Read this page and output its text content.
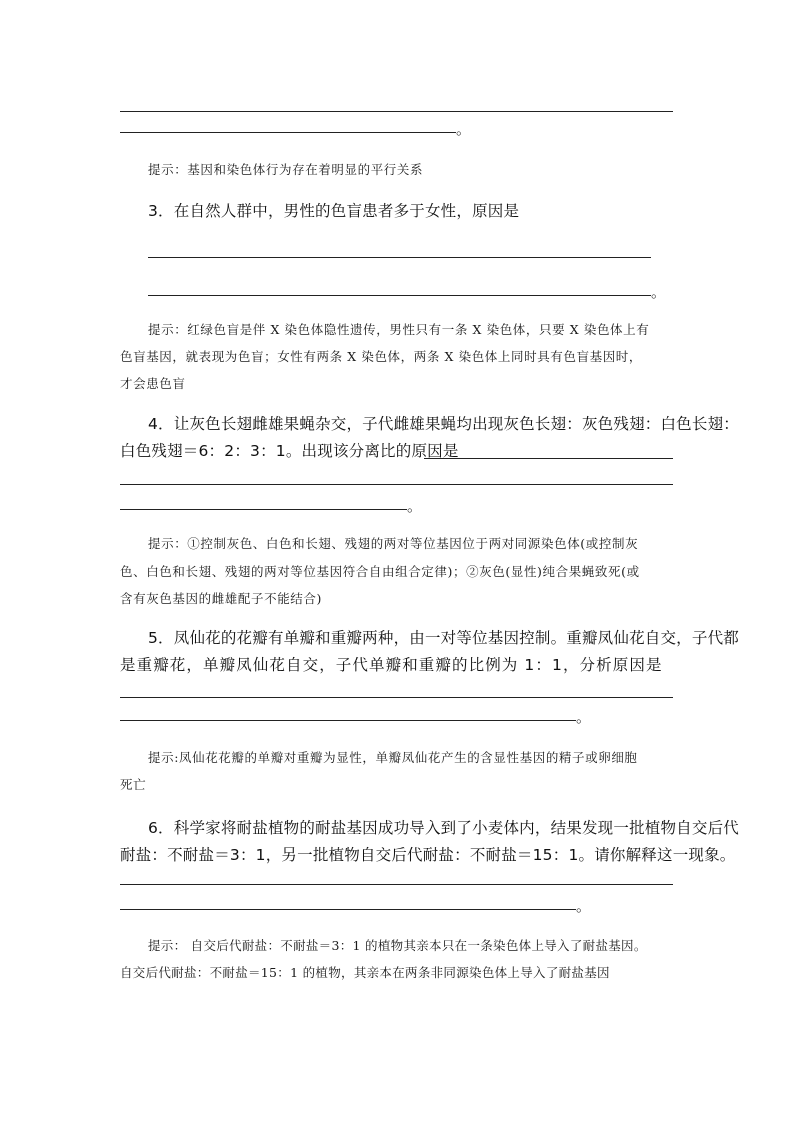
。
提示：基因和染色体行为存在着明显的平行关系
3．在自然人群中，男性的色盲患者多于女性，原因是
。
提示：红绿色盲是伴 X 染色体隐性遗传，男性只有一条 X 染色体，只要 X 染色体上有
色盲基因，就表现为色盲；女性有两条 X 染色体，两条 X 染色体上同时具有色盲基因时，
才会患色盲
4．让灰色长翅雌雄果蝇杂交，子代雌雄果蝇均出现灰色长翅：灰色残翅：白色长翅：
白色残翅＝6：2：3：1。出现该分离比的原因是
。
提示：①控制灰色、白色和长翅、残翅的两对等位基因位于两对同源染色体(或控制灰
色、白色和长翅、残翅的两对等位基因符合自由组合定律)；②灰色(显性)纯合果蝇致死(或
含有灰色基因的雌雄配子不能结合)
5．凤仙花的花瓣有单瓣和重瓣两种，由一对等位基因控制。重瓣凤仙花自交，子代都
是重瓣花，单瓣凤仙花自交，子代单瓣和重瓣的比例为 1：1，分析原因是
。
提示:凤仙花花瓣的单瓣对重瓣为显性，单瓣凤仙花产生的含显性基因的精子或卵细胞
死亡
6．科学家将耐盐植物的耐盐基因成功导入到了小麦体内，结果发现一批植物自交后代
耐盐：不耐盐＝3：1，另一批植物自交后代耐盐：不耐盐＝15：1。请你解释这一现象。
。
提示： 自交后代耐盐：不耐盐＝3：1 的植物其亲本只在一条染色体上导入了耐盐基因。
自交后代耐盐：不耐盐＝15：1 的植物，其亲本在两条非同源染色体上导入了耐盐基因
